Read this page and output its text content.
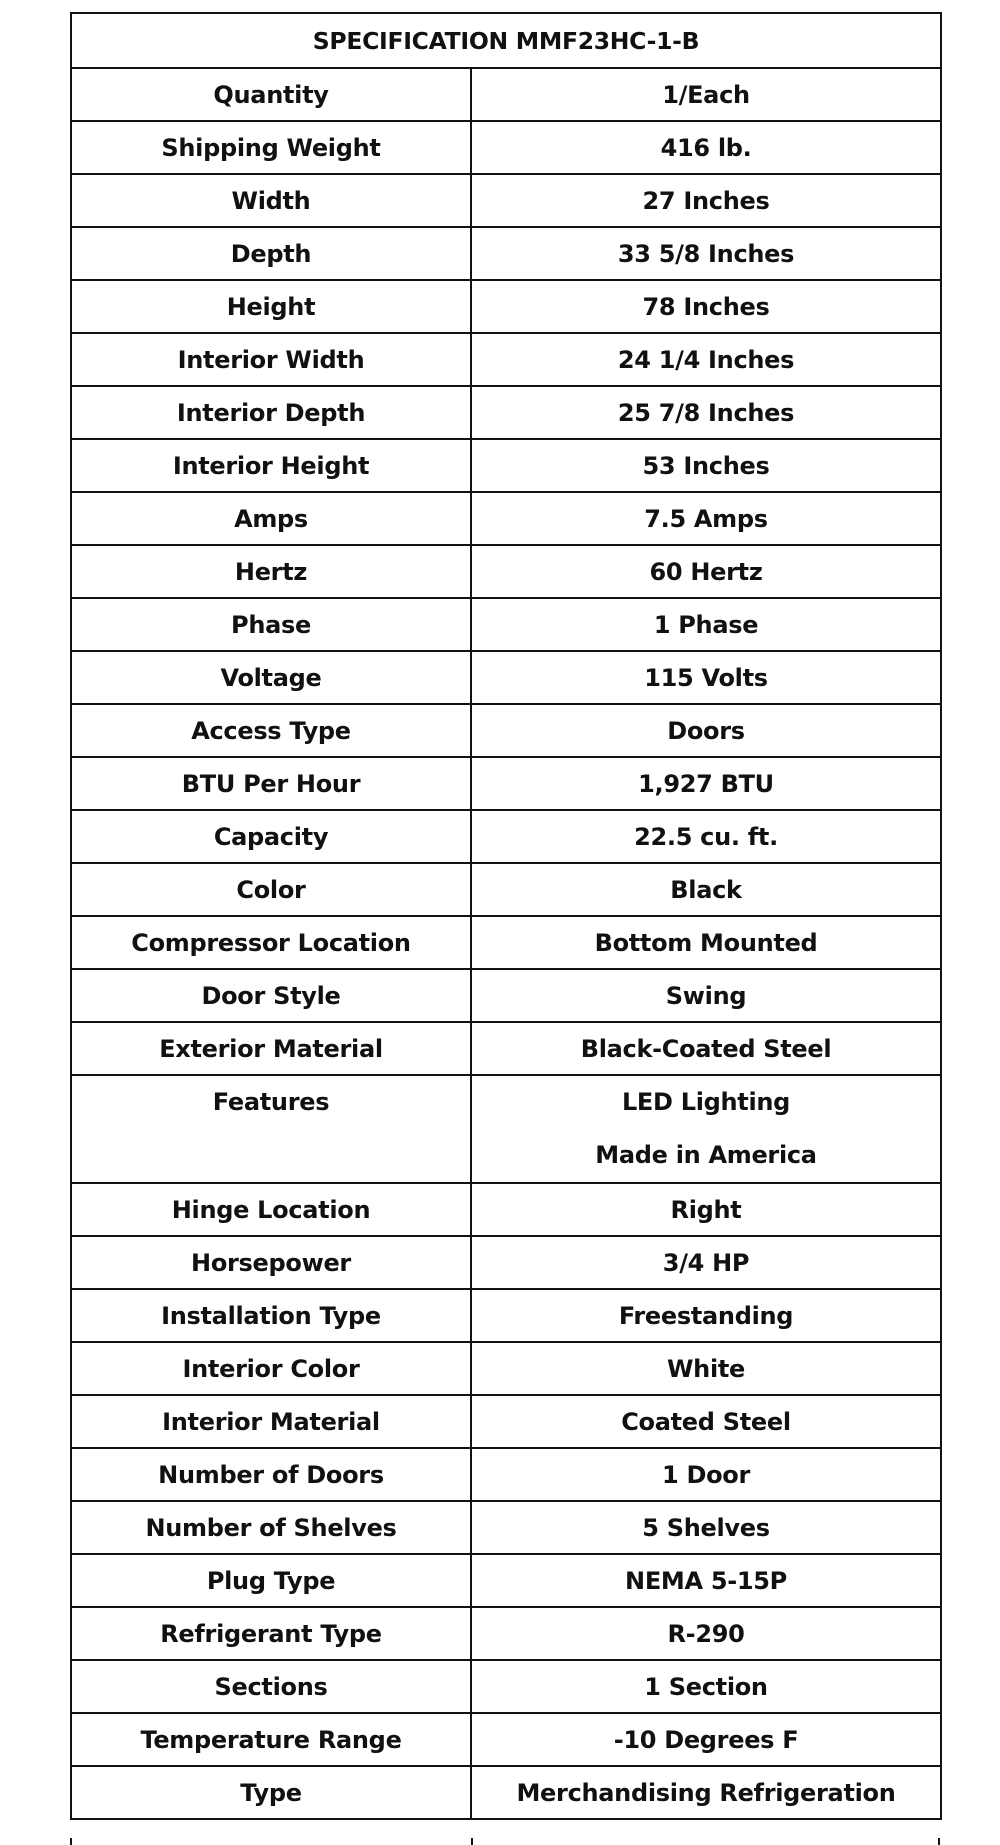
SPECIFICATION MMF23HC-1-B	
Quantity	1/Each
Shipping Weight	416 lb.
Width	27 Inches
Depth	33 5/8 Inches
Height	78 Inches
Interior Width	24 1/4 Inches
Interior Depth	25 7/8 Inches
Interior Height	53 Inches
Amps	7.5 Amps
Hertz	60 Hertz
Phase	1 Phase
Voltage	115 Volts
Access Type	Doors
BTU Per Hour	1,927 BTU
Capacity	22.5 cu. ft.
Color	Black
Compressor Location	Bottom Mounted
Door Style	Swing
Exterior Material	Black-Coated Steel
Features	LED Lighting
Made in America

Hinge Location	Right
Horsepower	3/4 HP
Installation Type	Freestanding
Interior Color	White
Interior Material	Coated Steel
Number of Doors	1 Door
Number of Shelves	5 Shelves
Plug Type	NEMA 5-15P
Refrigerant Type	R-290
Sections	1 Section
Temperature Range	-10 Degrees F
Type	Merchandising Refrigeration
